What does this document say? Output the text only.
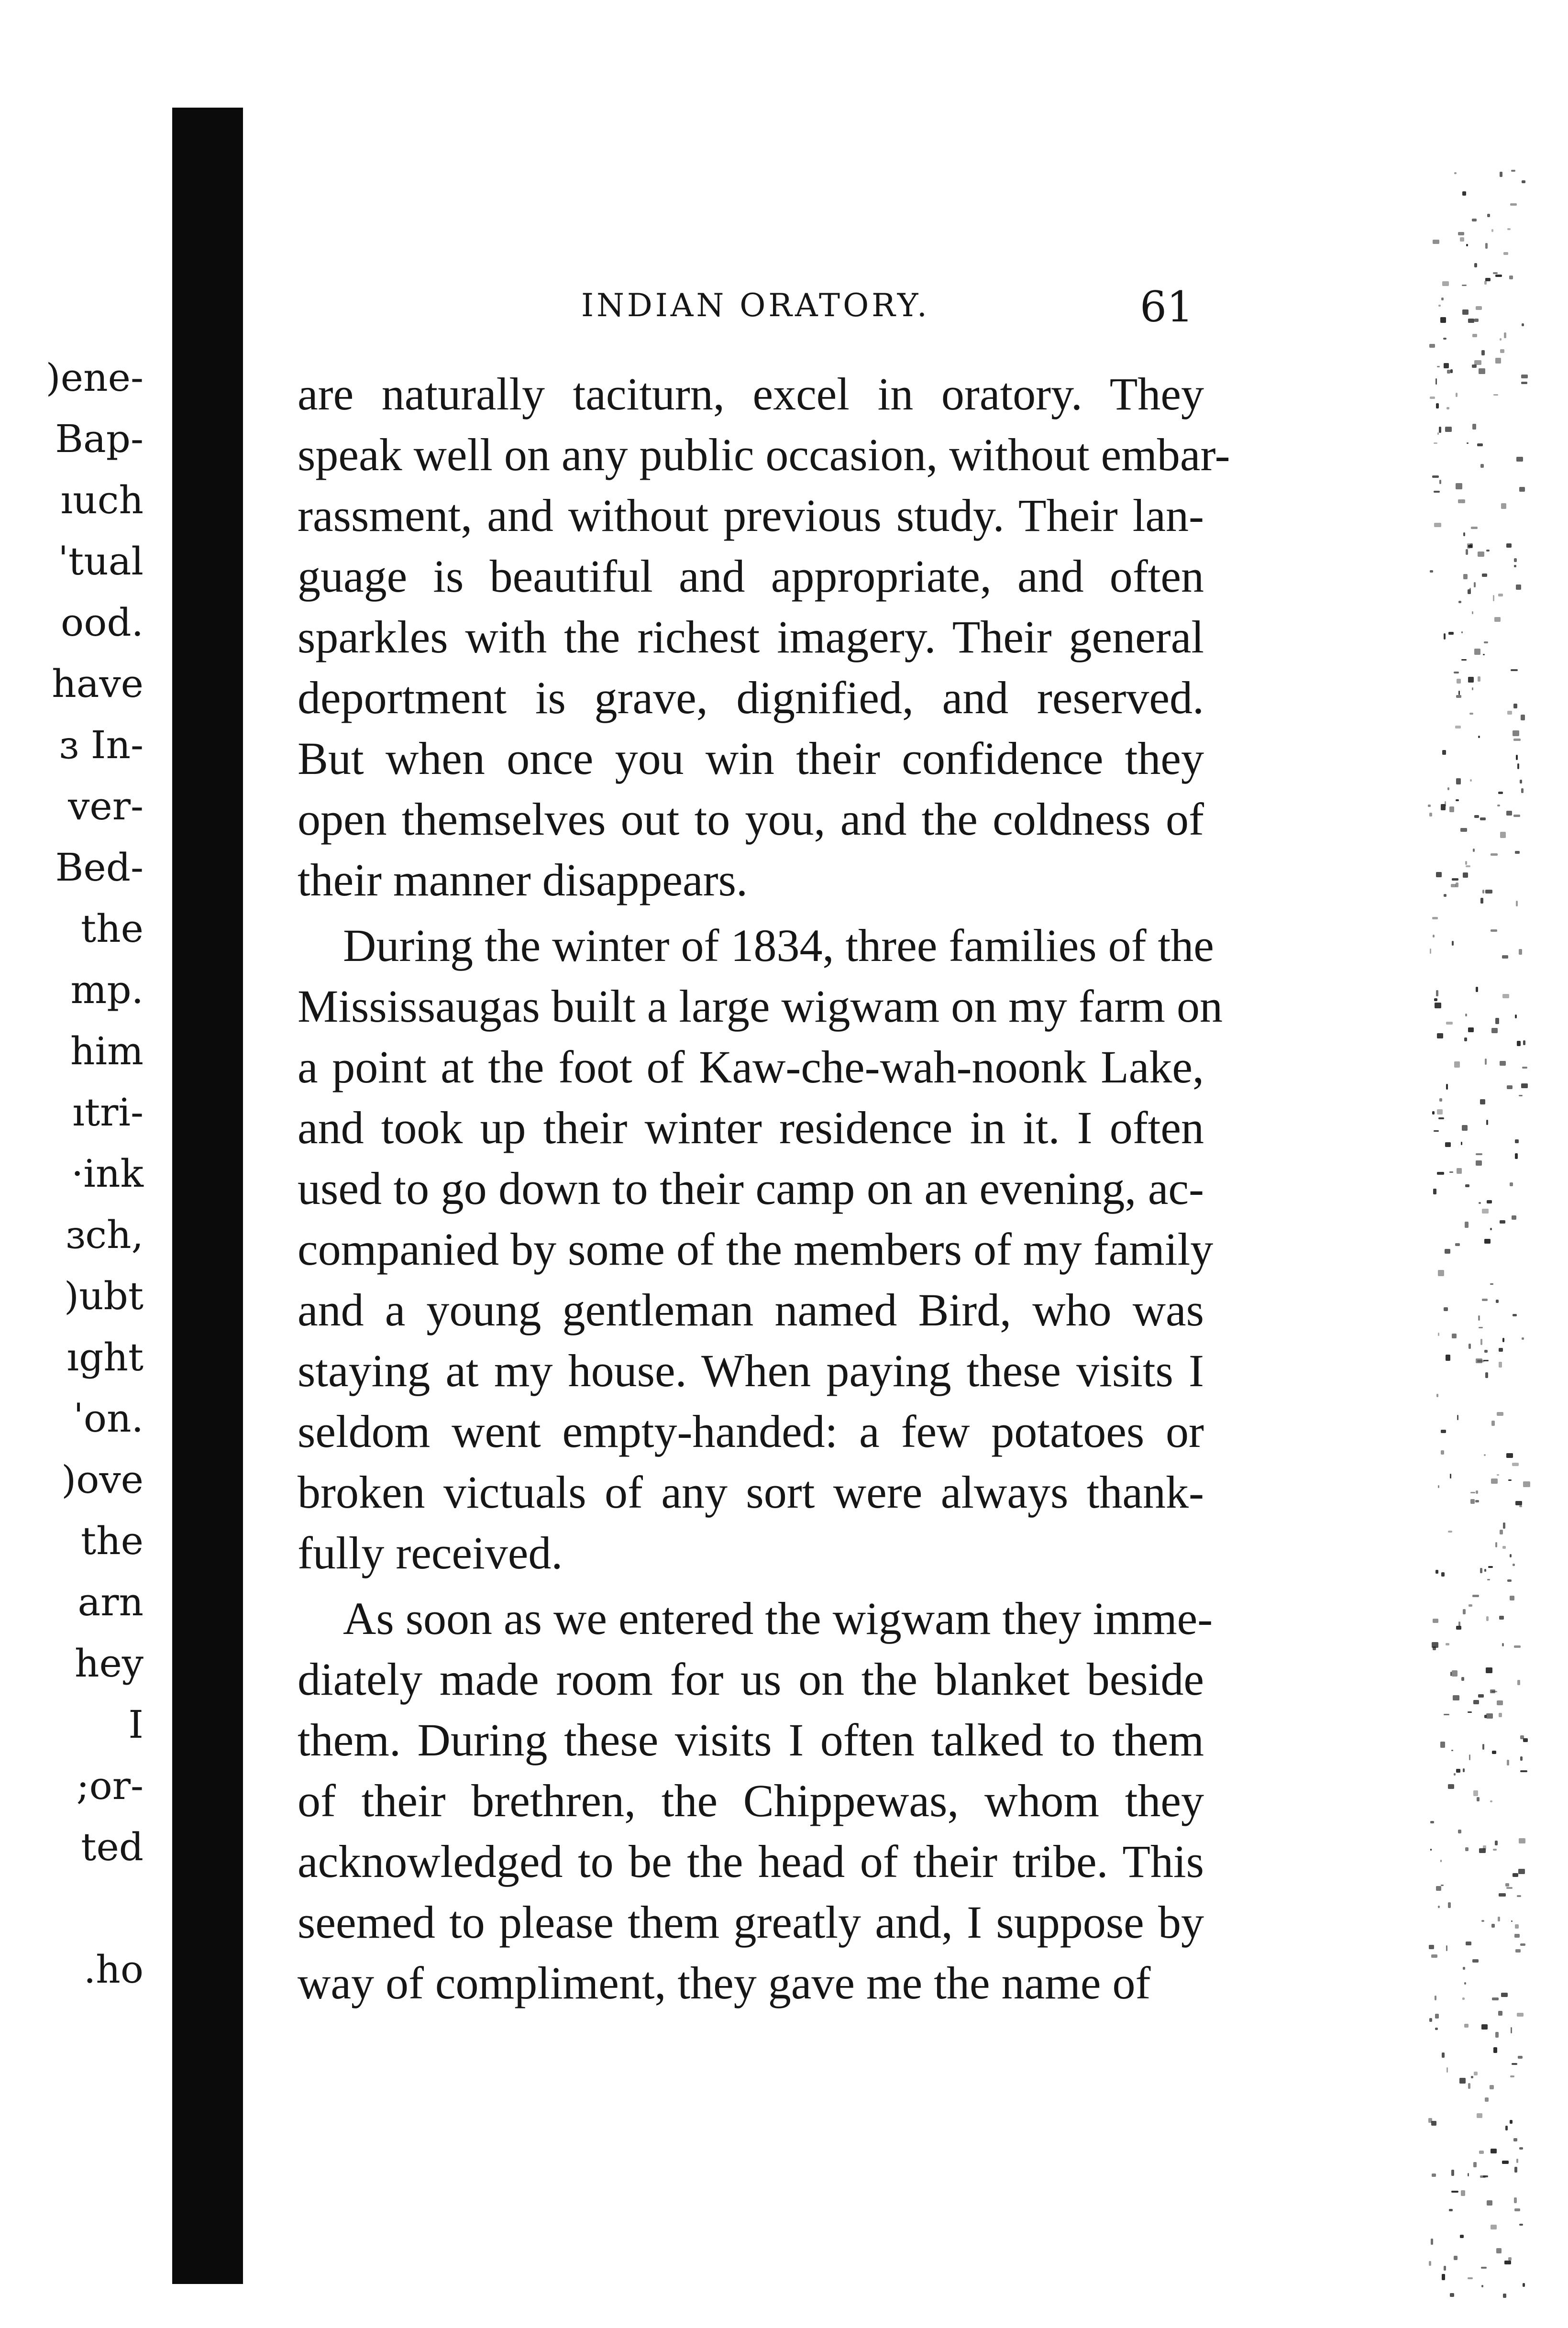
)ene-
Bap-
ıuch
ˈtual
ood.
have
ɜ In-
ver-
Bed-
the
mp.
him
ıtri-
·ink
ɜch,
)ubt
ıght
ˈon.
)ove
the
arn
hey
I
;or-
ted
.ho
INDIAN ORATORY.	61
are naturally taciturn, excel in oratory. They
speak well on any public occasion, without embar-
rassment, and without previous study. Their lan-
guage is beautiful and appropriate, and often
sparkles with the richest imagery. Their general
deportment is grave, dignified, and reserved.
But when once you win their confidence they
open themselves out to you, and the coldness of
their manner disappears.
During the winter of 1834, three families of the
Mississaugas built a large wigwam on my farm on
a point at the foot of Kaw-che-wah-noonk Lake,
and took up their winter residence in it. I often
used to go down to their camp on an evening, ac-
companied by some of the members of my family
and a young gentleman named Bird, who was
staying at my house. When paying these visits I
seldom went empty-handed: a few potatoes or
broken victuals of any sort were always thank-
fully received.
As soon as we entered the wigwam they imme-
diately made room for us on the blanket beside
them. During these visits I often talked to them
of their brethren, the Chippewas, whom they
acknowledged to be the head of their tribe. This
seemed to please them greatly and, I suppose by
way of compliment, they gave me the name of
